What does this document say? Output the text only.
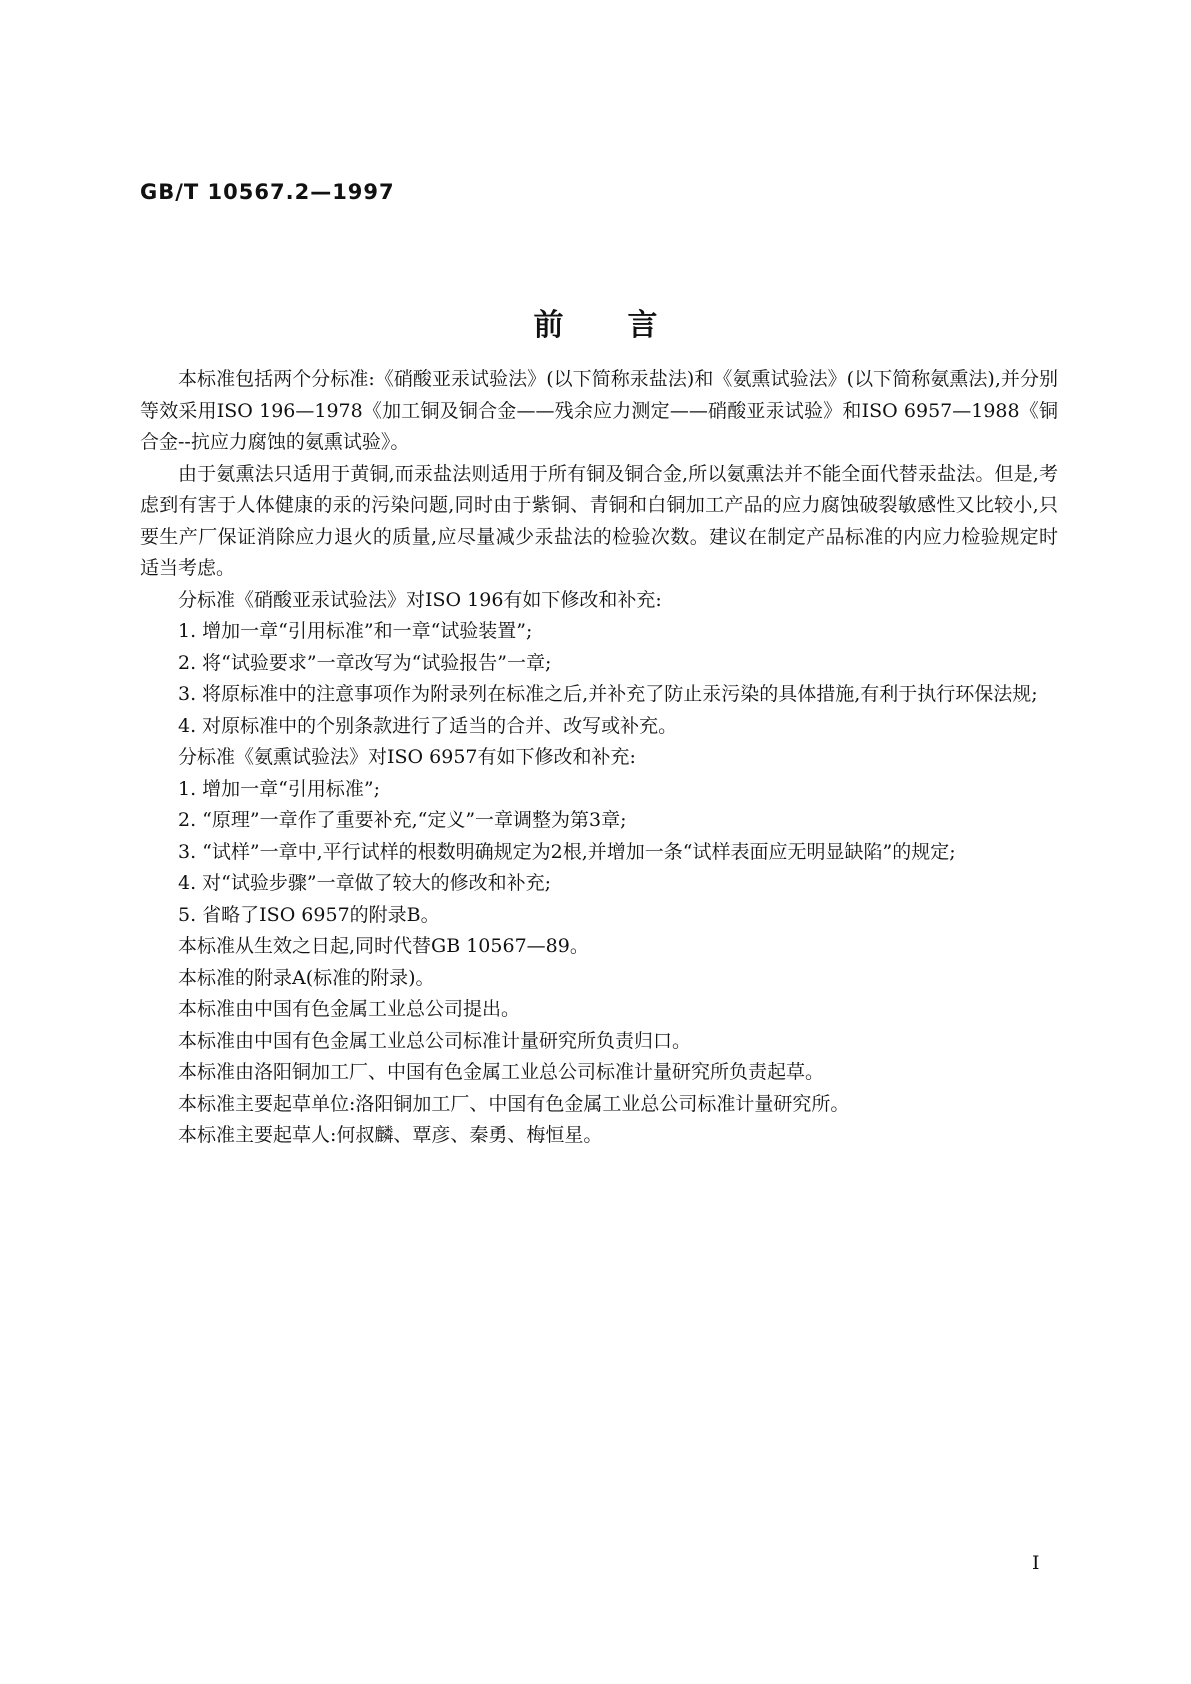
GB/T 10567.2—1997
前言

本标准包括两个分标准:《硝酸亚汞试验法》(以下简称汞盐法)和《氨熏试验法》(以下简称氨熏法),并分别等效采用ISO 196—1978《加工铜及铜合金——残余应力测定——硝酸亚汞试验》和ISO 6957—1988《铜合金--抗应力腐蚀的氨熏试验》。

由于氨熏法只适用于黄铜,而汞盐法则适用于所有铜及铜合金,所以氨熏法并不能全面代替汞盐法。但是,考虑到有害于人体健康的汞的污染问题,同时由于紫铜、青铜和白铜加工产品的应力腐蚀破裂敏感性又比较小,只要生产厂保证消除应力退火的质量,应尽量减少汞盐法的检验次数。建议在制定产品标准的内应力检验规定时适当考虑。

分标准《硝酸亚汞试验法》对ISO 196有如下修改和补充:

1. 增加一章“引用标准”和一章“试验装置”;

2. 将“试验要求”一章改写为“试验报告”一章;

3. 将原标准中的注意事项作为附录列在标准之后,并补充了防止汞污染的具体措施,有利于执行环保法规;

4. 对原标准中的个别条款进行了适当的合并、改写或补充。

分标准《氨熏试验法》对ISO 6957有如下修改和补充:

1. 增加一章“引用标准”;

2. “原理”一章作了重要补充,“定义”一章调整为第3章;

3. “试样”一章中,平行试样的根数明确规定为2根,并增加一条“试样表面应无明显缺陷”的规定;

4. 对“试验步骤”一章做了较大的修改和补充;

5. 省略了ISO 6957的附录B。

本标准从生效之日起,同时代替GB 10567—89。

本标准的附录A(标准的附录)。

本标准由中国有色金属工业总公司提出。

本标准由中国有色金属工业总公司标准计量研究所负责归口。

本标准由洛阳铜加工厂、中国有色金属工业总公司标准计量研究所负责起草。

本标准主要起草单位:洛阳铜加工厂、中国有色金属工业总公司标准计量研究所。

本标准主要起草人:何叔麟、覃彦、秦勇、梅恒星。

I
